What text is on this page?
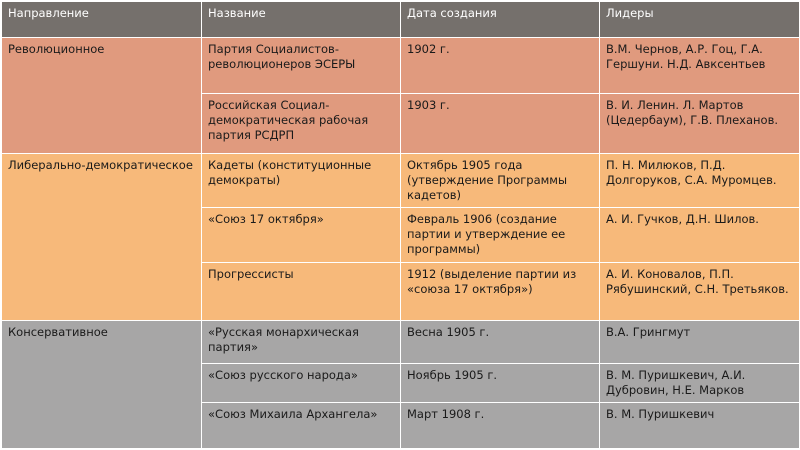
Направление	Название	Дата создания	Лидеры
Революционное	Партия Социалистов-революционеров ЭСЕРЫ	1902 г.	В.М. Чернов, А.Р. Гоц, Г.А. Гершуни. Н.Д. Авксентьев
	Российская Социал-демократическая рабочая партия РСДРП	1903 г.	В. И. Ленин. Л. Мартов (Цедербаум), Г.В. Плеханов.
Либерально-демократическое	Кадеты (конституционные демократы)	Октябрь 1905 года (утверждение Программы кадетов)	П. Н. Милюков, П.Д. Долгоруков, С.А. Муромцев.
	«Союз 17 октября»	Февраль 1906 (создание партии и утверждение ее программы)	А. И. Гучков, Д.Н. Шилов.
	Прогрессисты	1912 (выделение партии из «союза 17 октября»)	А. И. Коновалов, П.П. Рябушинский, С.Н. Третьяков.
Консервативное	«Русская монархическая партия»	Весна 1905 г.	В.А. Грингмут
	«Союз русского народа»	Ноябрь 1905 г.	В. М. Пуришкевич, А.И. Дубровин, Н.Е. Марков
	«Союз Михаила Архангела»	Март 1908 г.	В. М. Пуришкевич
